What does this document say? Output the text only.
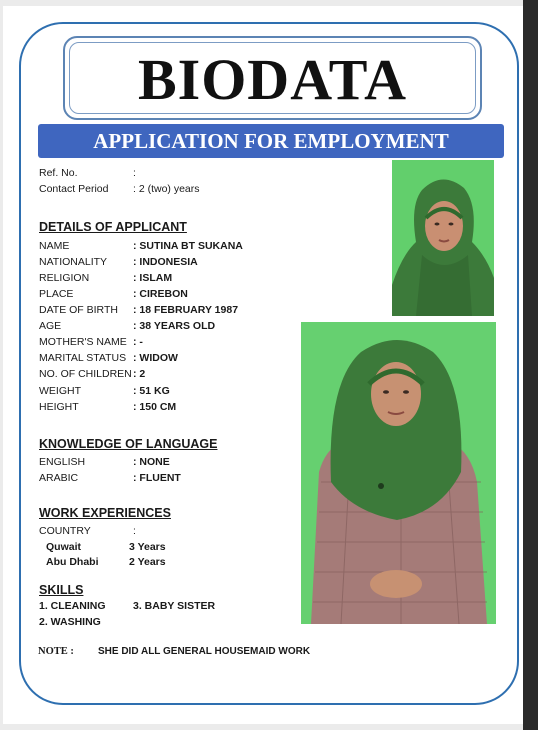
BIODATA
APPLICATION FOR EMPLOYMENT
Ref. No.	:
Contact Period : 2 (two) years
DETAILS OF APPLICANT
NAME	: SUTINA BT SUKANA
NATIONALITY : INDONESIA
RELIGION	: ISLAM
PLACE	: CIREBON
DATE OF BIRTH : 18 FEBRUARY 1987
AGE	: 38 YEARS OLD
MOTHER'S NAME : -
MARITAL STATUS : WIDOW
NO. OF CHILDREN : 2
WEIGHT	: 51 KG
HEIGHT	: 150 CM
KNOWLEDGE OF LANGUAGE
ENGLISH	: NONE
ARABIC	: FLUENT
WORK EXPERIENCES
COUNTRY	:
Quwait	3 Years
Abu Dhabi	2 Years
SKILLS
1. CLEANING	3. BABY SISTER
2. WASHING
NOTE : SHE DID ALL GENERAL HOUSEMAID WORK
